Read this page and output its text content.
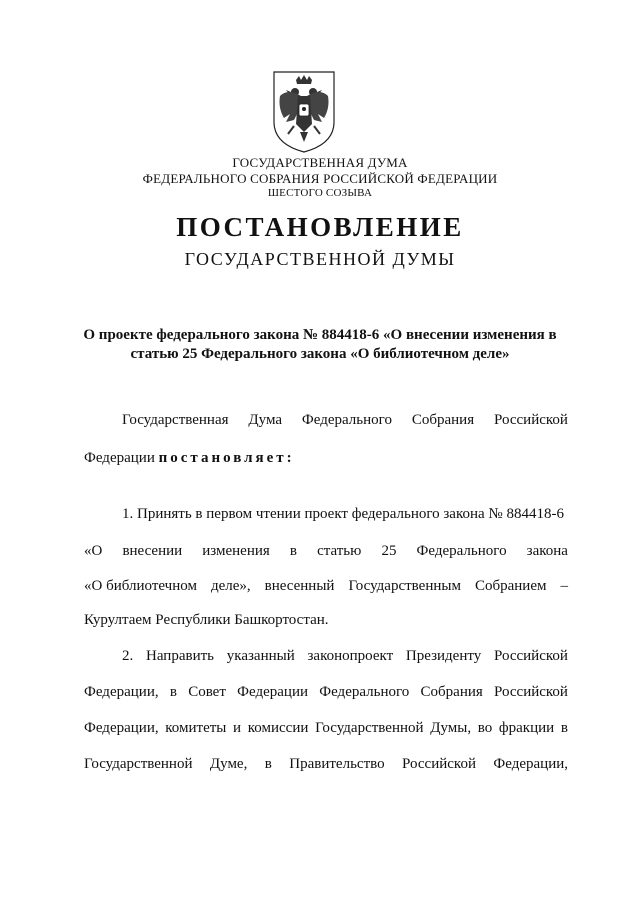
ГОСУДАРСТВЕННАЯ ДУМА
ФЕДЕРАЛЬНОГО СОБРАНИЯ РОССИЙСКОЙ ФЕДЕРАЦИИ
ШЕСТОГО СОЗЫВА
ПОСТАНОВЛЕНИЕ
ГОСУДАРСТВЕННОЙ ДУМЫ
О проекте федерального закона № 884418-6 «О внесении изменения в
статью 25 Федерального закона «О библиотечном деле»
Государственная Дума Федерального Собрания Российской
Федерации постановляет:
1. Принять в первом чтении проект федерального закона № 884418-6
«О внесении изменения в статью 25 Федерального закона
«О библиотечном деле», внесенный Государственным Собранием –
Курултаем Республики Башкортостан.
2. Направить указанный законопроект Президенту Российской
Федерации, в Совет Федерации Федерального Собрания Российской
Федерации, комитеты и комиссии Государственной Думы, во фракции в
Государственной Думе, в Правительство Российской Федерации,
